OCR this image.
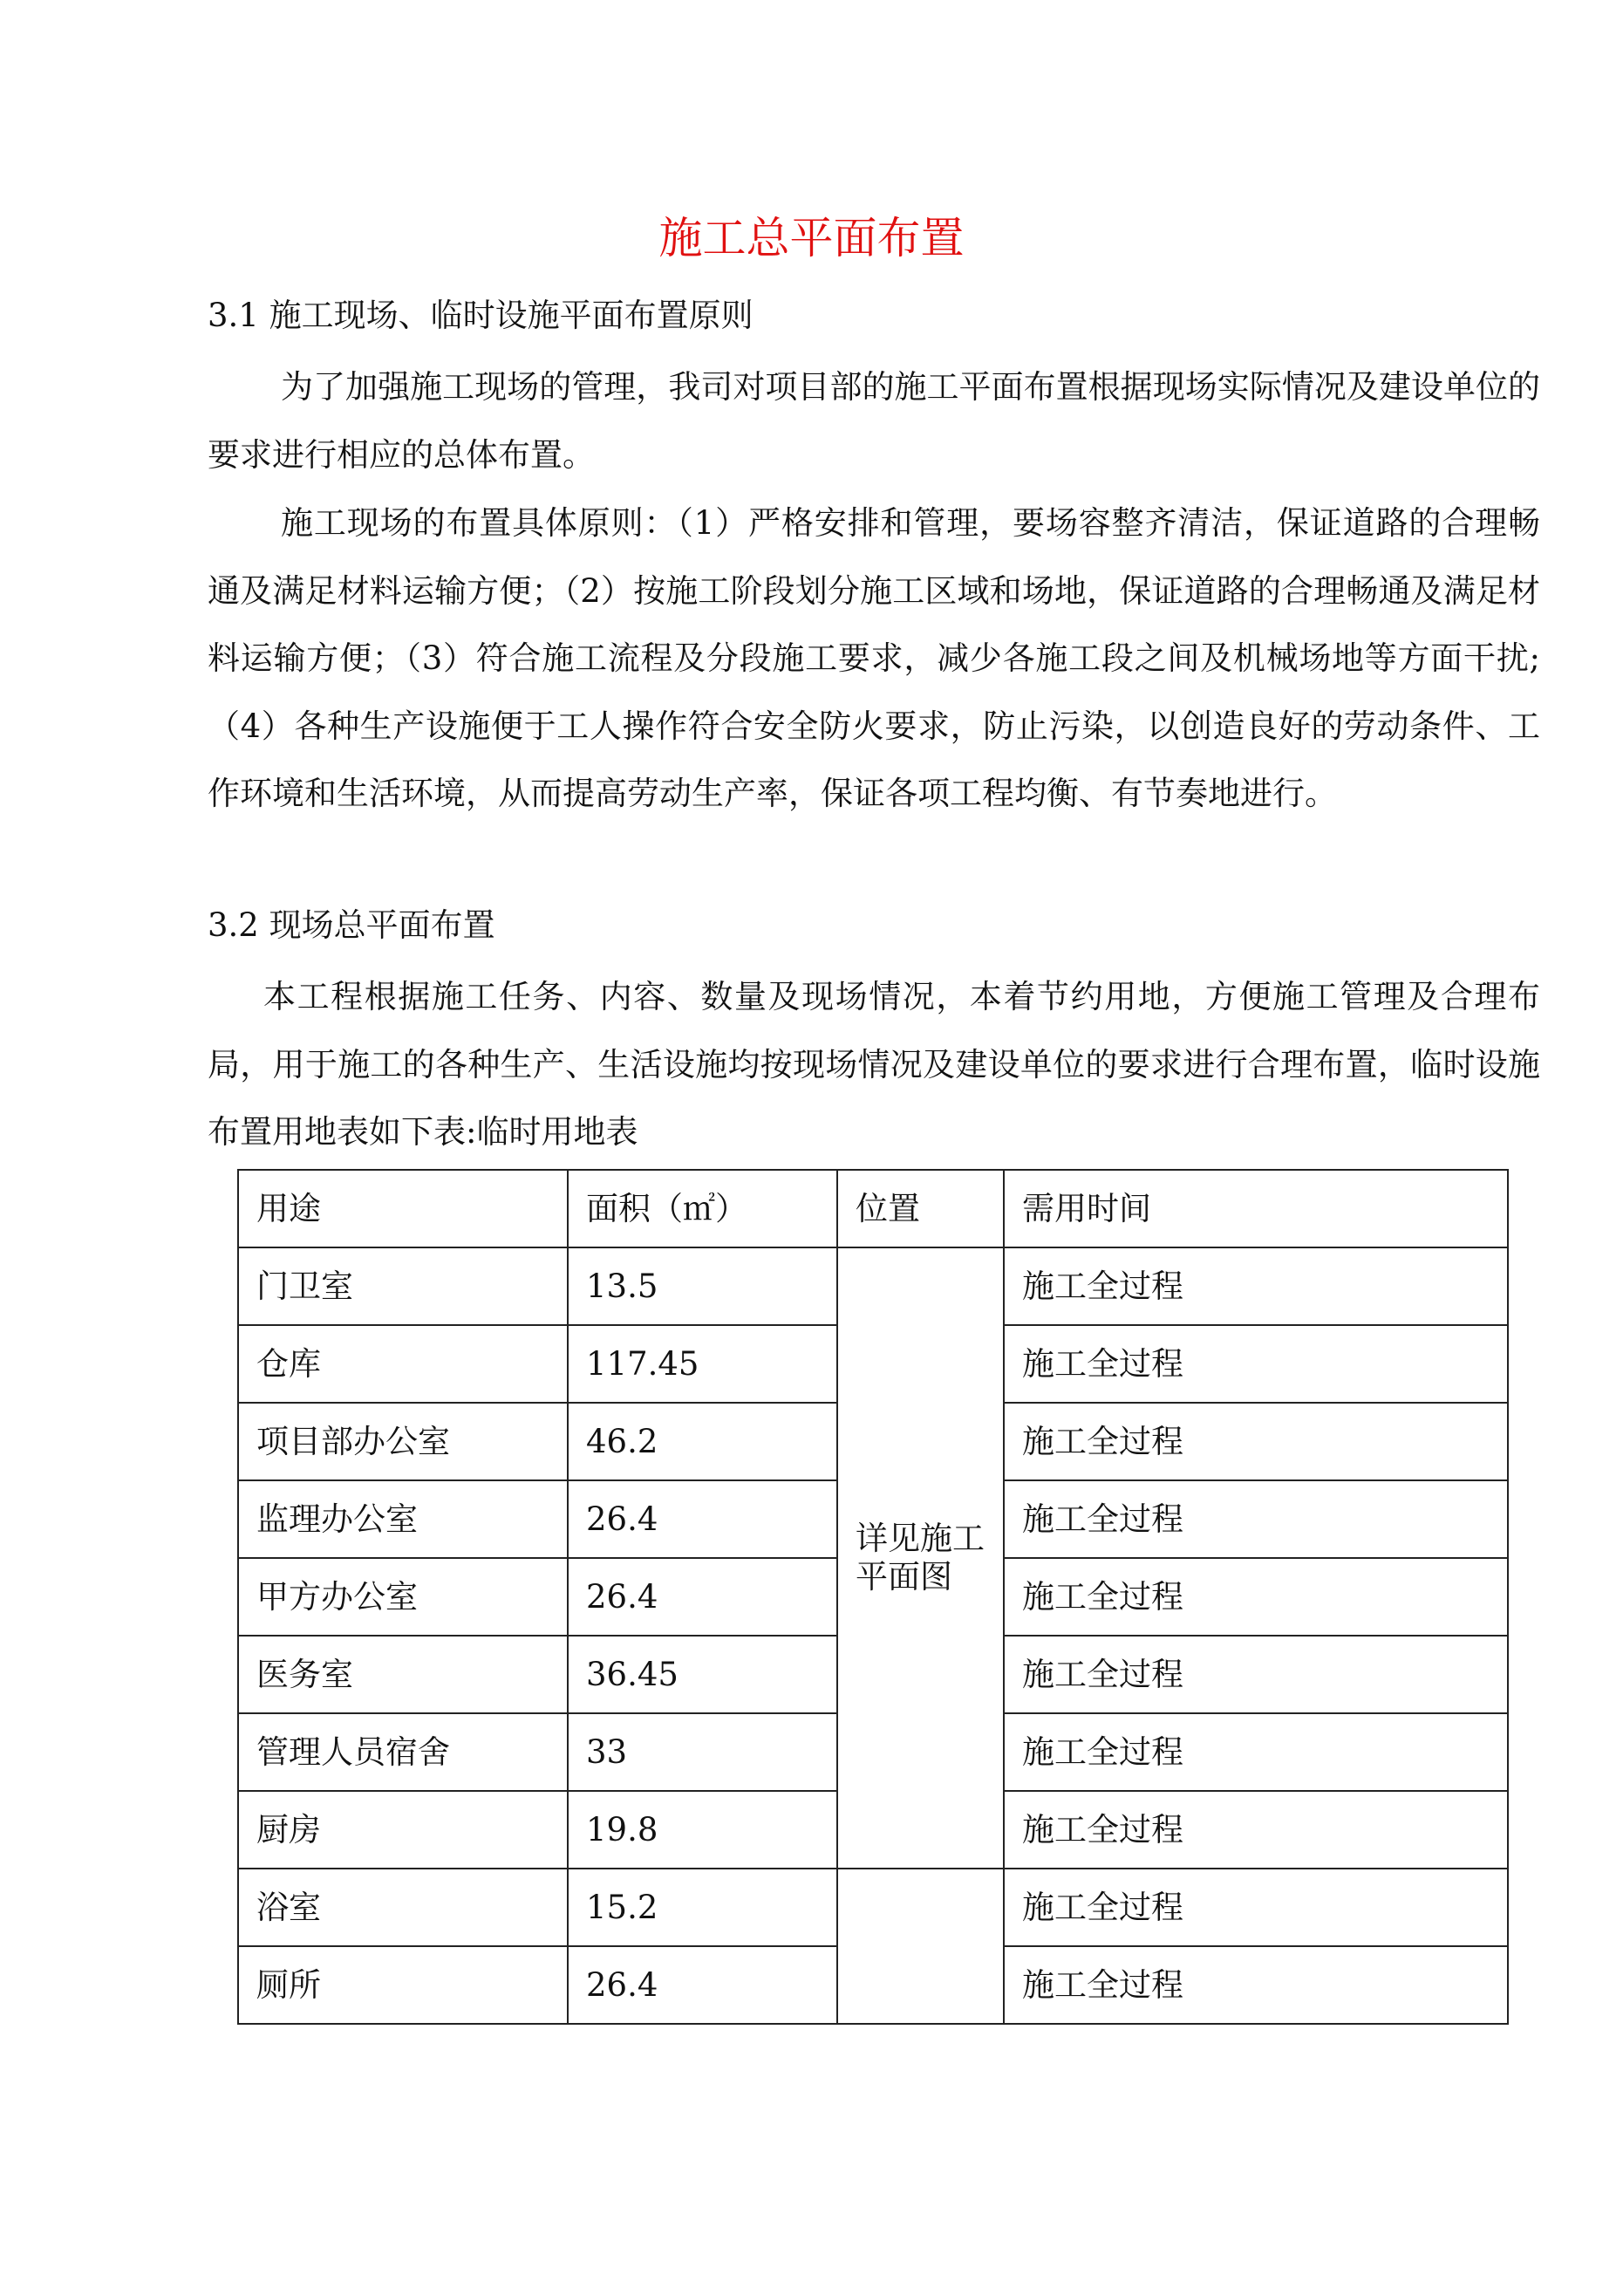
施工总平面布置
3.1 施工现场、临时设施平面布置原则

为了加强施工现场的管理，我司对项目部的施工平面布置根据现场实际情况及建设单位的要求进行相应的总体布置。

施工现场的布置具体原则：（1）严格安排和管理，要场容整齐清洁，保证道路的合理畅通及满足材料运输方便；（2）按施工阶段划分施工区域和场地，保证道路的合理畅通及满足材料运输方便；（3）符合施工流程及分段施工要求，减少各施工段之间及机械场地等方面干扰;（4）各种生产设施便于工人操作符合安全防火要求，防止污染，以创造良好的劳动条件、工作环境和生活环境，从而提高劳动生产率，保证各项工程均衡、有节奏地进行。

3.2 现场总平面布置

本工程根据施工任务、内容、数量及现场情况，本着节约用地，方便施工管理及合理布局，用于施工的各种生产、生活设施均按现场情况及建设单位的要求进行合理布置，临时设施布置用地表如下表:临时用地表

用途	面积（㎡）	位置	需用时间
门卫室	13.5	详见施工平面图	施工全过程
仓库	117.45		施工全过程
项目部办公室	46.2		施工全过程
监理办公室	26.4		施工全过程
甲方办公室	26.4		施工全过程
医务室	36.45		施工全过程
管理人员宿舍	33		施工全过程
厨房	19.8		施工全过程
浴室	15.2		施工全过程
厕所	26.4		施工全过程
